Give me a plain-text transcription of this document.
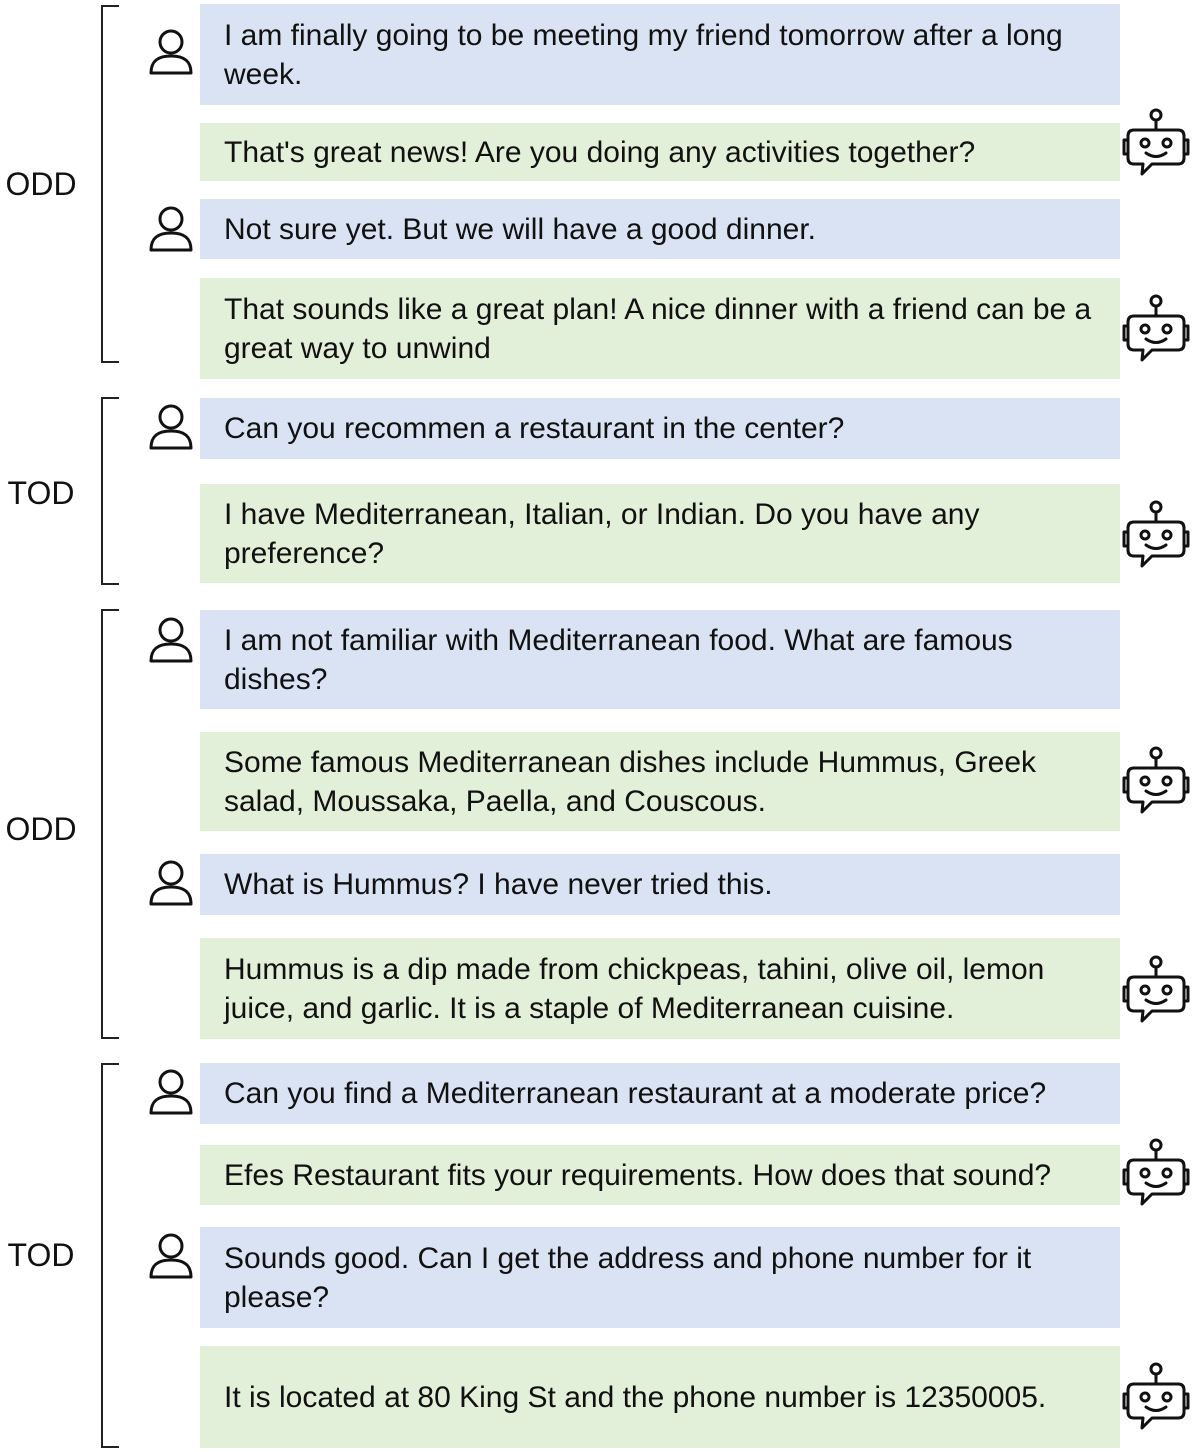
ODD
TOD
ODD
TOD
I am finally going to be meeting my friend tomorrow after a long week.
That's great news! Are you doing any activities together?
Not sure yet. But we will have a good dinner.
That sounds like a great plan! A nice dinner with a friend can be a great way to unwind
Can you recommen a restaurant in the center?
I have Mediterranean, Italian, or Indian. Do you have any preference?
I am not familiar with Mediterranean food. What are famous dishes?
Some famous Mediterranean dishes include Hummus, Greek salad, Moussaka, Paella, and Couscous.
What is Hummus? I have never tried this.
Hummus is a dip made from chickpeas, tahini, olive oil, lemon juice, and garlic. It is a staple of Mediterranean cuisine.
Can you find a Mediterranean restaurant at a moderate price?
Efes Restaurant fits your requirements. How does that sound?
Sounds good. Can I get the address and phone number for it please?
It is located at 80 King St and the phone number is 12350005.
